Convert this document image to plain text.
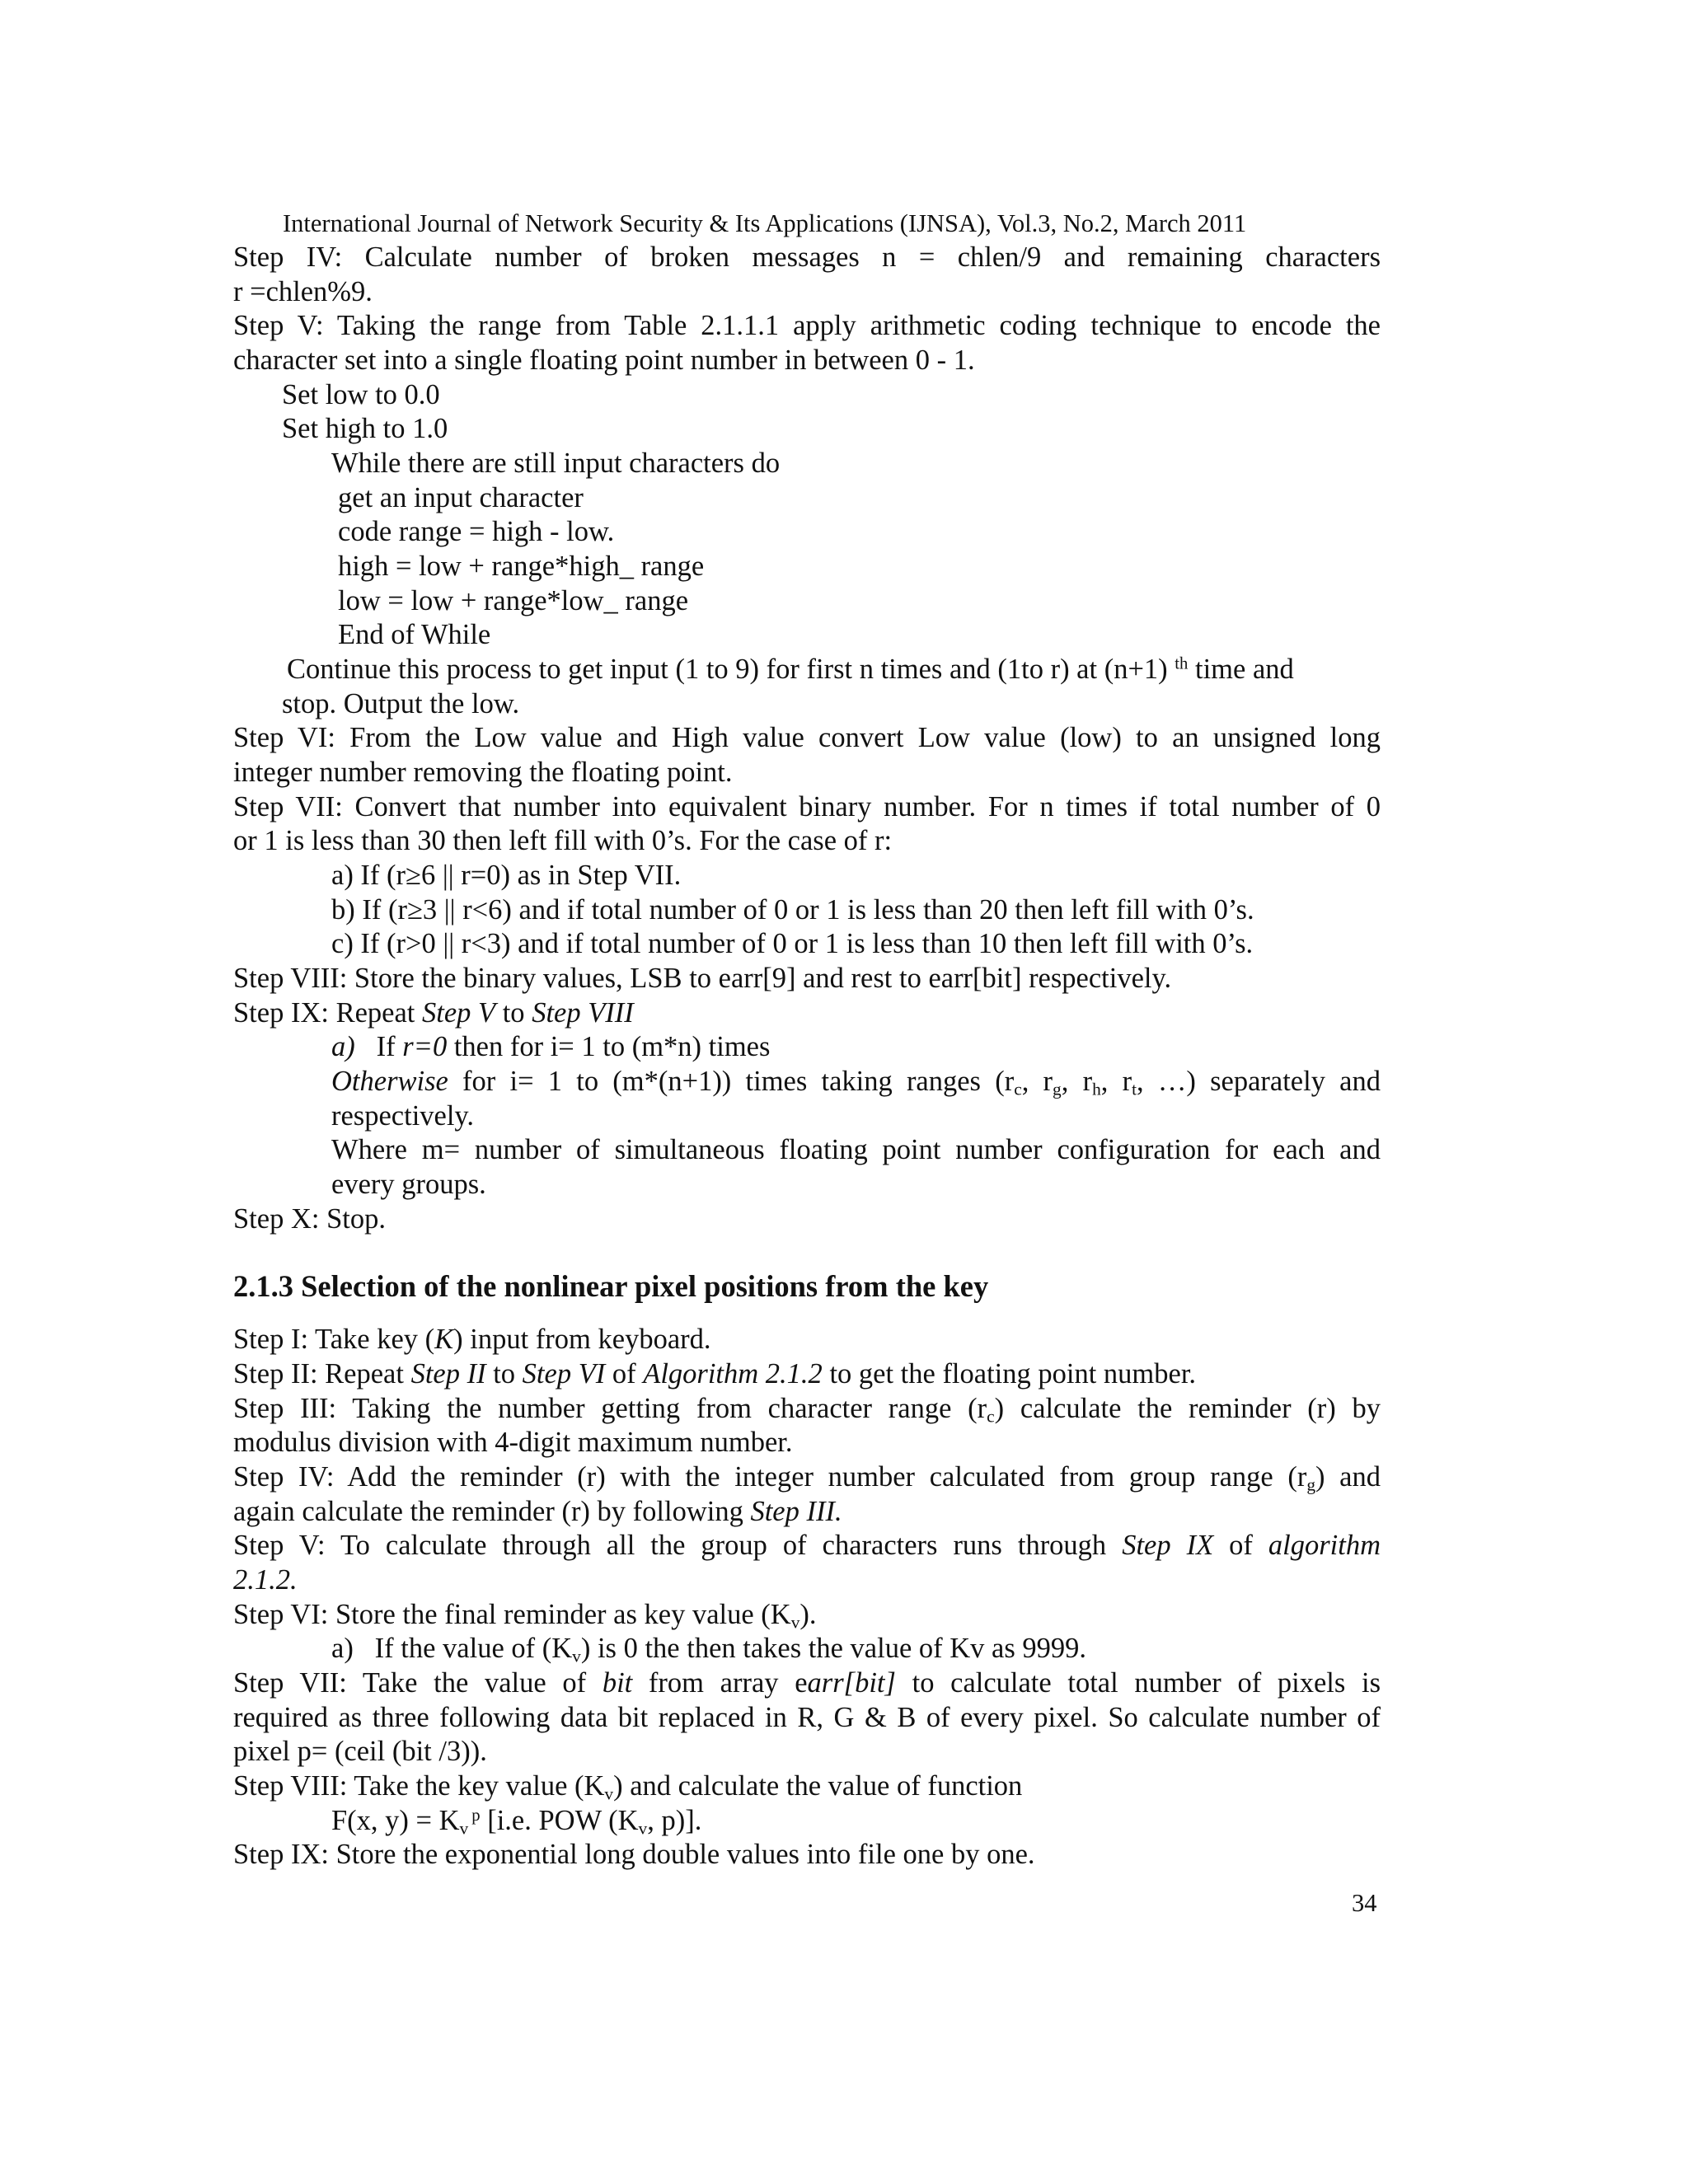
International Journal of Network Security & Its Applications (IJNSA), Vol.3, No.2, March 2011
Step IV: Calculate number of broken messages n = chlen/9 and remaining characters
r =chlen%9.
Step V: Taking the range from Table 2.1.1.1 apply arithmetic coding technique to encode the
character set into a single floating point number in between 0 - 1.
Set low to 0.0
Set high to 1.0
While there are still input characters do
get an input character
code range = high - low.
high = low + range*high_ range
low = low + range*low_ range
End of While
Continue this process to get input (1 to 9) for first n times and (1to r) at (n+1) $^{th}$ time and
stop. Output the low.
Step VI: From the Low value and High value convert Low value (low) to an unsigned long
integer number removing the floating point.
Step VII: Convert that number into equivalent binary number. For n times if total number of 0
or 1 is less than 30 then left fill with 0’s. For the case of r:
a) If (r≥6 || r=0) as in Step VII.
b) If (r≥3 || r<6) and if total number of 0 or 1 is less than 20 then left fill with 0’s.
c) If (r>0 || r<3) and if total number of 0 or 1 is less than 10 then left fill with 0’s.
Step VIII: Store the binary values, LSB to earr[9] and rest to earr[bit] respectively.
Step IX: Repeat Step V to Step VIII
a)   If r=0 then for i= 1 to (m*n) times
Otherwise for i= 1 to (m*(n+1)) times taking ranges ($r_c$, $r_g$, $r_h$, $r_t$, …) separately and
respectively.
Where m= number of simultaneous floating point number configuration for each and
every groups.
Step X: Stop.
2.1.3 Selection of the nonlinear pixel positions from the key
Step I: Take key (K) input from keyboard.
Step II: Repeat Step II to Step VI of Algorithm 2.1.2 to get the floating point number.
Step III: Taking the number getting from character range $(r_c)$ calculate the reminder (r) by
modulus division with 4-digit maximum number.
Step IV: Add the reminder (r) with the integer number calculated from group range $(r_g)$ and
again calculate the reminder (r) by following Step III.
Step V: To calculate through all the group of characters runs through Step IX of algorithm
2.1.2.
Step VI: Store the final reminder as key value $(K_v)$.
a)   If the value of $(K_v)$ is 0 the then takes the value of Kv as 9999.
Step VII: Take the value of bit from array earr[bit] to calculate total number of pixels is
required as three following data bit replaced in R, G & B of every pixel. So calculate number of
pixel p= (ceil (bit /3)).
Step VIII: Take the key value $(K_v)$ and calculate the value of function
F(x, $y) = K_v^p$ [i.e. POW ($K_v$, p)].
Step IX: Store the exponential long double values into file one by one.
34
